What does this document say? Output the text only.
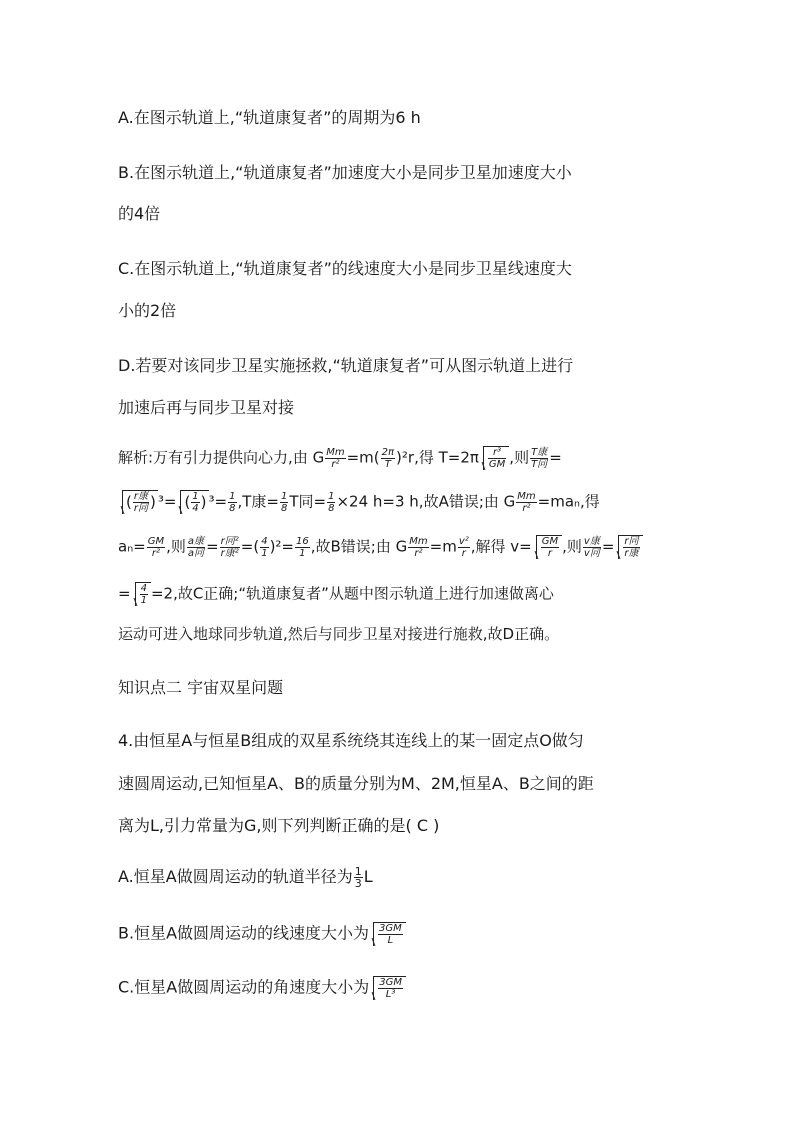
A.在图示轨道上,“轨道康复者”的周期为6 h
B.在图示轨道上,“轨道康复者”加速度大小是同步卫星加速度大小
的4倍
C.在图示轨道上,“轨道康复者”的线速度大小是同步卫星线速度大
小的2倍
D.若要对该同步卫星实施拯救,“轨道康复者”可从图示轨道上进行
加速后再与同步卫星对接
解析:万有引力提供向心力,由 G $\frac{Mm}{\text{r²}} =m( \frac{2\pi}{T} )^2r$,得 $T=2\pi \frac{\text{r³}}{GM}$ ,则 T康
T同 =
( r康
r同 ) ³= ( $\frac{1}{4}$ ) $^3= \frac{1}{8} ,T$康= $\frac{1}{8}$ T同= $\frac{1}{8} \times 24$ h=3 h,故A错误;由 G $\frac{Mm}{\text{r²}} =ma_n$,得
$a_n= \frac{GM}{\text{r²}}$ ,则 a康
a同 = r同²
r康² =( $\frac{4}{1} )^2= \frac{16}{1}$ ,故B错误;由 G $\frac{Mm}{\text{r²}} =m \frac{\text{v²}}{r}$ ,解得 $v= \frac{GM}{r}$ ,则 v康
v同 = r同
r康
= $\frac{4}{1} =2$,故C正确;“轨道康复者”从题中图示轨道上进行加速做离心
运动可进入地球同步轨道,然后与同步卫星对接进行施救,故D正确。
知识点二 宇宙双星问题
4.由恒星A与恒星B组成的双星系统绕其连线上的某一固定点O做匀
速圆周运动,已知恒星A、B的质量分别为M、2M,恒星A、B之间的距
离为L,引力常量为G,则下列判断正确的是( C )
A.恒星A做圆周运动的轨道半径为 $\frac{1}{3}$ L
B.恒星A做圆周运动的线速度大小为 $\frac{3GM}{L}$
C.恒星A做圆周运动的角速度大小为 $\frac{3GM}{\text{L³}}$
